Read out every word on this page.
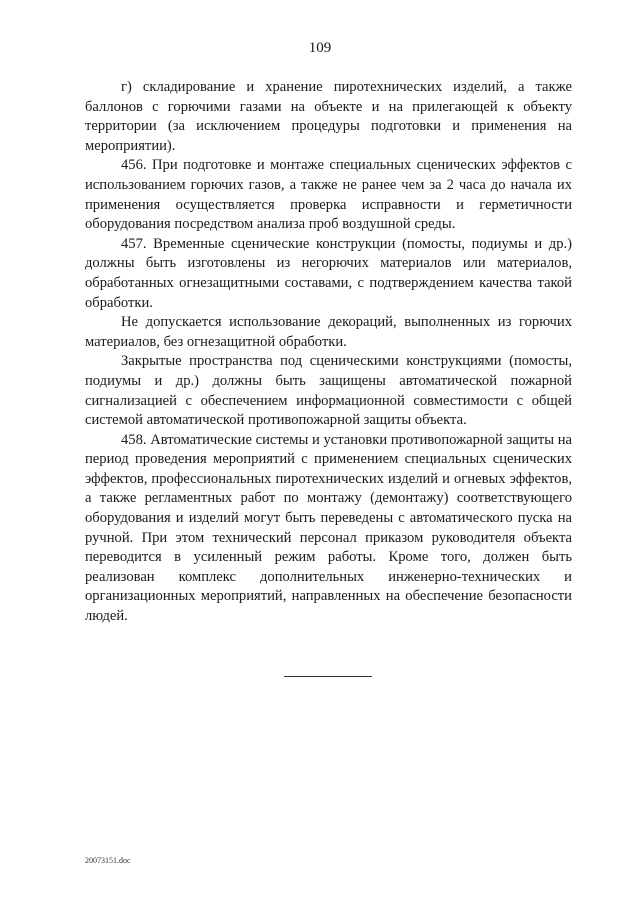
109

г) складирование и хранение пиротехнических изделий, а также баллонов с горючими газами на объекте и на прилегающей к объекту территории (за исключением процедуры подготовки и применения на мероприятии).

456. При подготовке и монтаже специальных сценических эффектов с использованием горючих газов, а также не ранее чем за 2 часа до начала их применения осуществляется проверка исправности и герметичности оборудования посредством анализа проб воздушной среды.

457. Временные сценические конструкции (помосты, подиумы и др.) должны быть изготовлены из негорючих материалов или материалов, обработанных огнезащитными составами, с подтверждением качества такой обработки.

Не допускается использование декораций, выполненных из горючих материалов, без огнезащитной обработки.

Закрытые пространства под сценическими конструкциями (помосты, подиумы и др.) должны быть защищены автоматической пожарной сигнализацией с обеспечением информационной совместимости с общей системой автоматической противопожарной защиты объекта.

458. Автоматические системы и установки противопожарной защиты на период проведения мероприятий с применением специальных сценических эффектов, профессиональных пиротехнических изделий и огневых эффектов, а также регламентных работ по монтажу (демонтажу) соответствующего оборудования и изделий могут быть переведены с автоматического пуска на ручной. При этом технический персонал приказом руководителя объекта переводится в усиленный режим работы. Кроме того, должен быть реализован комплекс дополнительных инженерно-технических и организационных мероприятий, направленных на обеспечение безопасности людей.

20073151.doc
